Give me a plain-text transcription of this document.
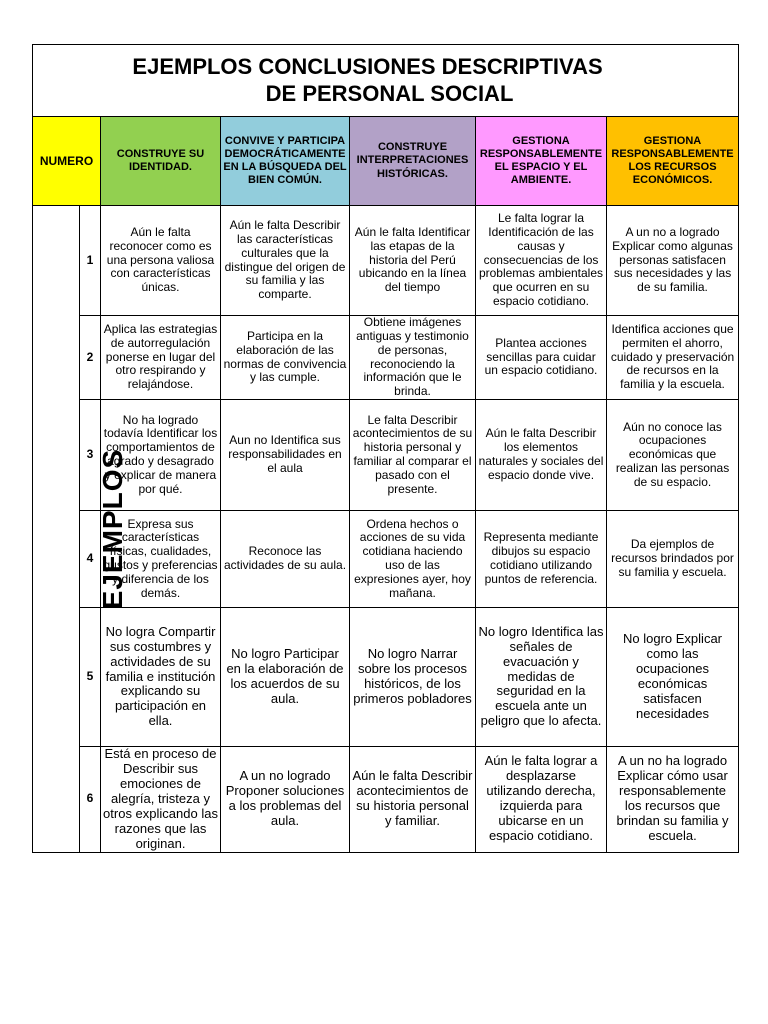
EJEMPLOS CONCLUSIONES DESCRIPTIVAS
DE PERSONAL SOCIAL						

NUMERO		CONSTRUYE SU IDENTIDAD.	CONVIVE Y PARTICIPA DEMOCRÁTICAMENTE EN LA BÚSQUEDA DEL BIEN COMÚN.	CONSTRUYE INTERPRETACIONES HISTÓRICAS.	GESTIONA RESPONSABLEMENTE EL ESPACIO Y EL AMBIENTE.	GESTIONA RESPONSABLEMENTE LOS RECURSOS ECONÓMICOS.
EJEMPLOS	1	Aún le falta reconocer como es una persona valiosa con características únicas.	Aún le falta Describir las características culturales que la distingue del origen de su familia y las comparte.	Aún le falta Identificar las etapas de la historia del Perú ubicando en la línea del tiempo	Le falta lograr la Identificación de las causas y consecuencias de los problemas ambientales que ocurren en su espacio cotidiano.	A un no a logrado Explicar como algunas personas satisfacen sus necesidades y las de su familia.
	2	Aplica las estrategias de autorregulación ponerse en lugar del otro respirando y relajándose.	Participa en la elaboración de las normas de convivencia y las cumple.	Obtiene imágenes antiguas y testimonio de personas, reconociendo la información que le brinda.	Plantea acciones sencillas para cuidar un espacio cotidiano.	Identifica acciones que permiten el ahorro, cuidado y preservación de recursos en la familia y la escuela.
	3	No ha logrado todavía Identificar los comportamientos de agrado y desagrado y explicar de manera por qué.	Aun no Identifica sus responsabilidades en el aula	Le falta Describir acontecimientos de su historia personal y familiar al comparar el pasado con el presente.	Aún le falta Describir los elementos naturales y sociales del espacio donde vive.	Aún no conoce las ocupaciones económicas que realizan las personas de su espacio.
	4	Expresa sus características físicas, cualidades, gustos y preferencias y diferencia de los demás.	Reconoce las actividades de su aula.	Ordena hechos o acciones de su vida cotidiana haciendo uso de las expresiones ayer, hoy mañana.	Representa mediante dibujos su espacio cotidiano utilizando puntos de referencia.	Da ejemplos de recursos brindados por su familia y escuela.
	5	No logra Compartir sus costumbres y actividades de su familia e institución explicando su participación en ella.	No logro Participar en la elaboración de los acuerdos de su aula.	No logro Narrar sobre los procesos históricos, de los primeros pobladores	No logro Identifica las señales de evacuación y medidas de seguridad en la escuela ante un peligro que lo afecta.	No logro Explicar como las ocupaciones económicas satisfacen necesidades
	6	Está en proceso de Describir sus emociones de alegría, tristeza y otros explicando las razones que las originan.	A un no logrado Proponer soluciones a los problemas del aula.	Aún le falta Describir acontecimientos de su historia personal y familiar.	Aún le falta lograr a desplazarse utilizando derecha, izquierda para ubicarse en un espacio cotidiano.	A un no ha logrado Explicar cómo usar responsablemente los recursos que brindan su familia y escuela.
